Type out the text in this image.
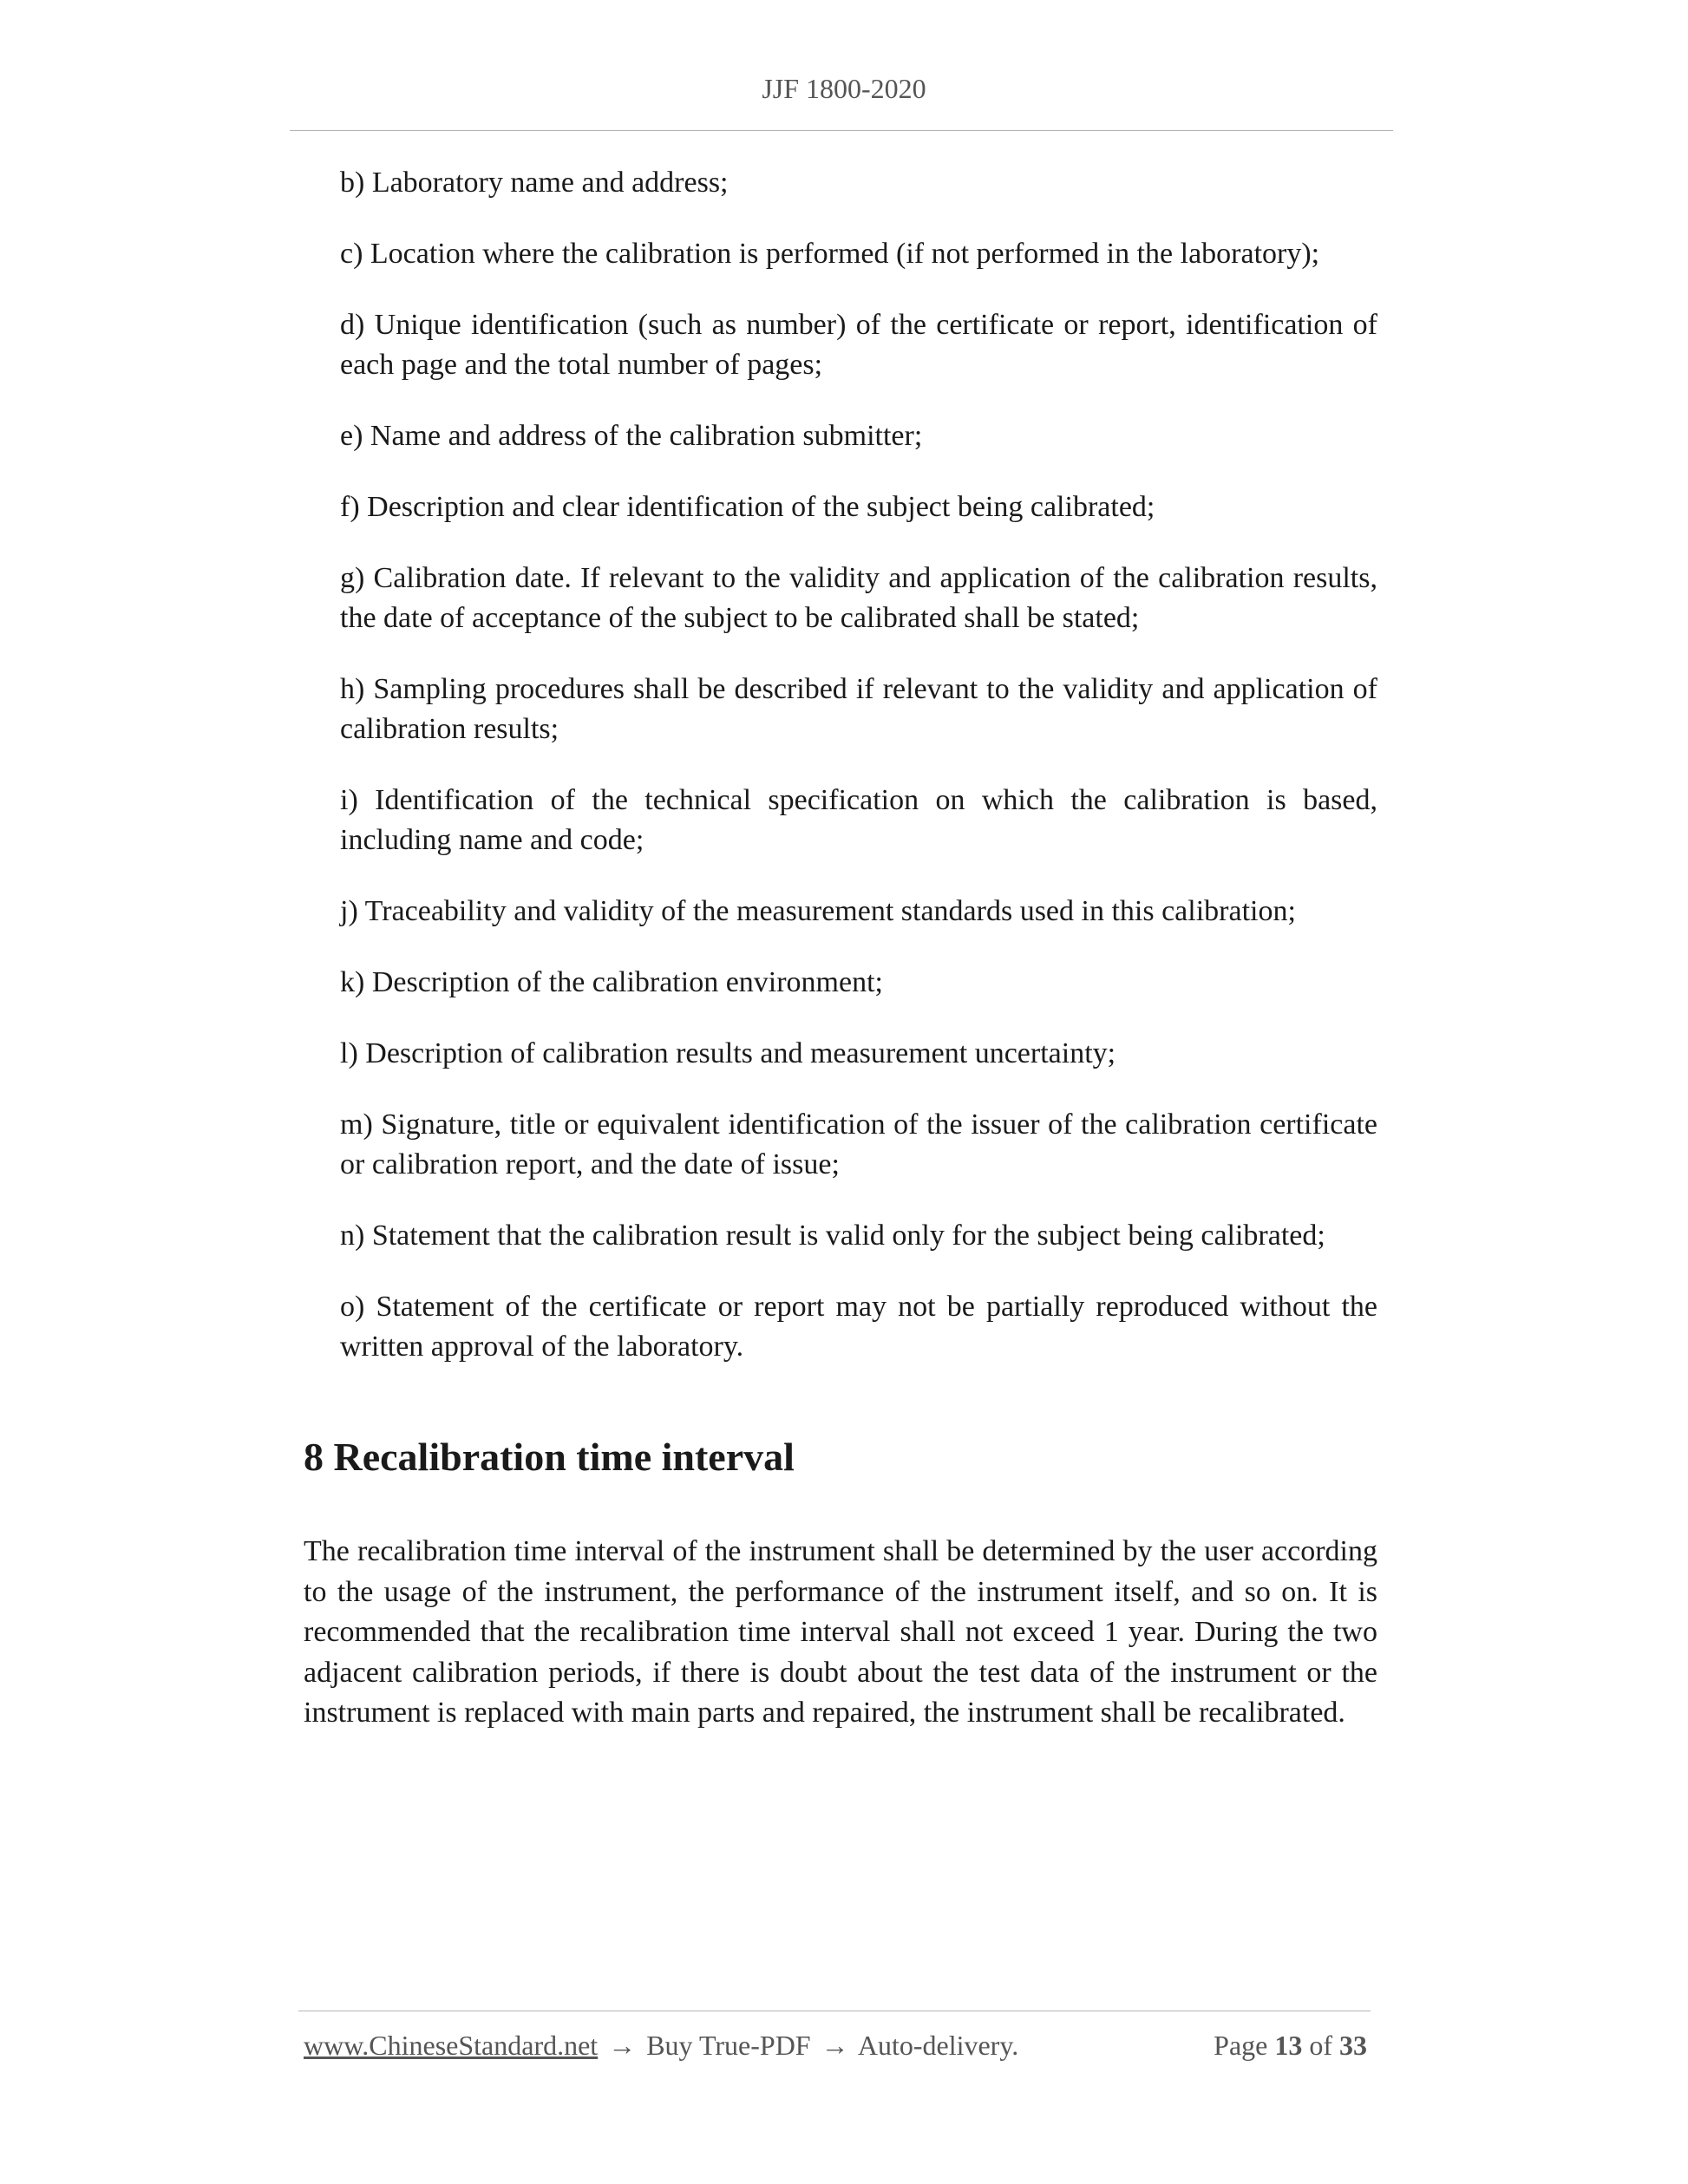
JJF 1800-2020
b) Laboratory name and address;
c) Location where the calibration is performed (if not performed in the laboratory);
d) Unique identification (such as number) of the certificate or report, identification of each page and the total number of pages;
e) Name and address of the calibration submitter;
f) Description and clear identification of the subject being calibrated;
g) Calibration date. If relevant to the validity and application of the calibration results, the date of acceptance of the subject to be calibrated shall be stated;
h) Sampling procedures shall be described if relevant to the validity and application of calibration results;
i) Identification of the technical specification on which the calibration is based, including name and code;
j) Traceability and validity of the measurement standards used in this calibration;
k) Description of the calibration environment;
l) Description of calibration results and measurement uncertainty;
m) Signature, title or equivalent identification of the issuer of the calibration certificate or calibration report, and the date of issue;
n) Statement that the calibration result is valid only for the subject being calibrated;
o) Statement of the certificate or report may not be partially reproduced without the written approval of the laboratory.
8 Recalibration time interval

The recalibration time interval of the instrument shall be determined by the user according to the usage of the instrument, the performance of the instrument itself, and so on. It is recommended that the recalibration time interval shall not exceed 1 year. During the two adjacent calibration periods, if there is doubt about the test data of the instrument or the instrument is replaced with main parts and repaired, the instrument shall be recalibrated.

www.ChineseStandard.net → Buy True-PDF → Auto-delivery.	Page 13 of 33
